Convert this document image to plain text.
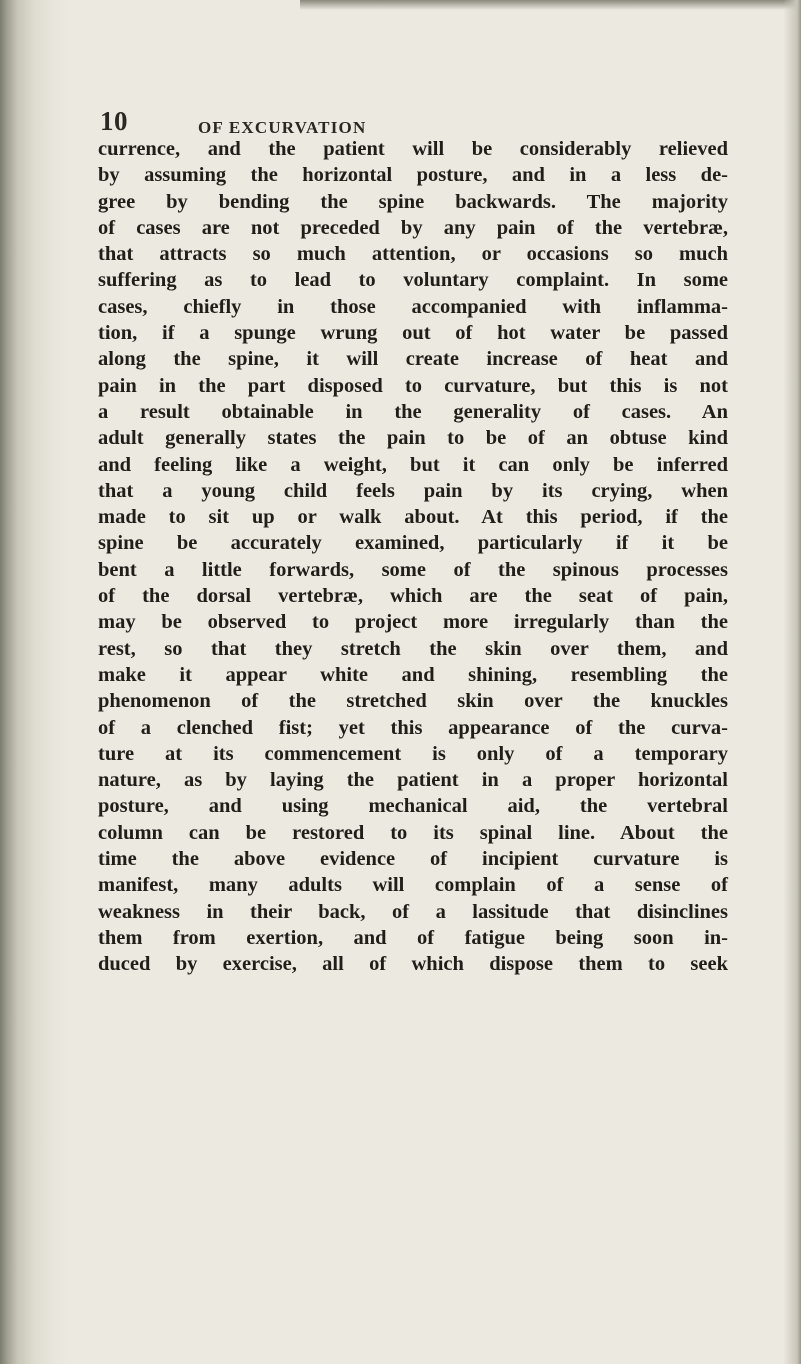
10	OF EXCURVATION
currence, and the patient will be considerably relieved
by assuming the horizontal posture, and in a less de-
gree by bending the spine backwards. The majority
of cases are not preceded by any pain of the vertebræ,
that attracts so much attention, or occasions so much
suffering as to lead to voluntary complaint. In some
cases, chiefly in those accompanied with inflamma-
tion, if a spunge wrung out of hot water be passed
along the spine, it will create increase of heat and
pain in the part disposed to curvature, but this is not
a result obtainable in the generality of cases. An
adult generally states the pain to be of an obtuse kind
and feeling like a weight, but it can only be inferred
that a young child feels pain by its crying, when
made to sit up or walk about. At this period, if the
spine be accurately examined, particularly if it be
bent a little forwards, some of the spinous processes
of the dorsal vertebræ, which are the seat of pain,
may be observed to project more irregularly than the
rest, so that they stretch the skin over them, and
make it appear white and shining, resembling the
phenomenon of the stretched skin over the knuckles
of a clenched fist; yet this appearance of the curva-
ture at its commencement is only of a temporary
nature, as by laying the patient in a proper horizontal
posture, and using mechanical aid, the vertebral
column can be restored to its spinal line. About the
time the above evidence of incipient curvature is
manifest, many adults will complain of a sense of
weakness in their back, of a lassitude that disinclines
them from exertion, and of fatigue being soon in-
duced by exercise, all of which dispose them to seek
